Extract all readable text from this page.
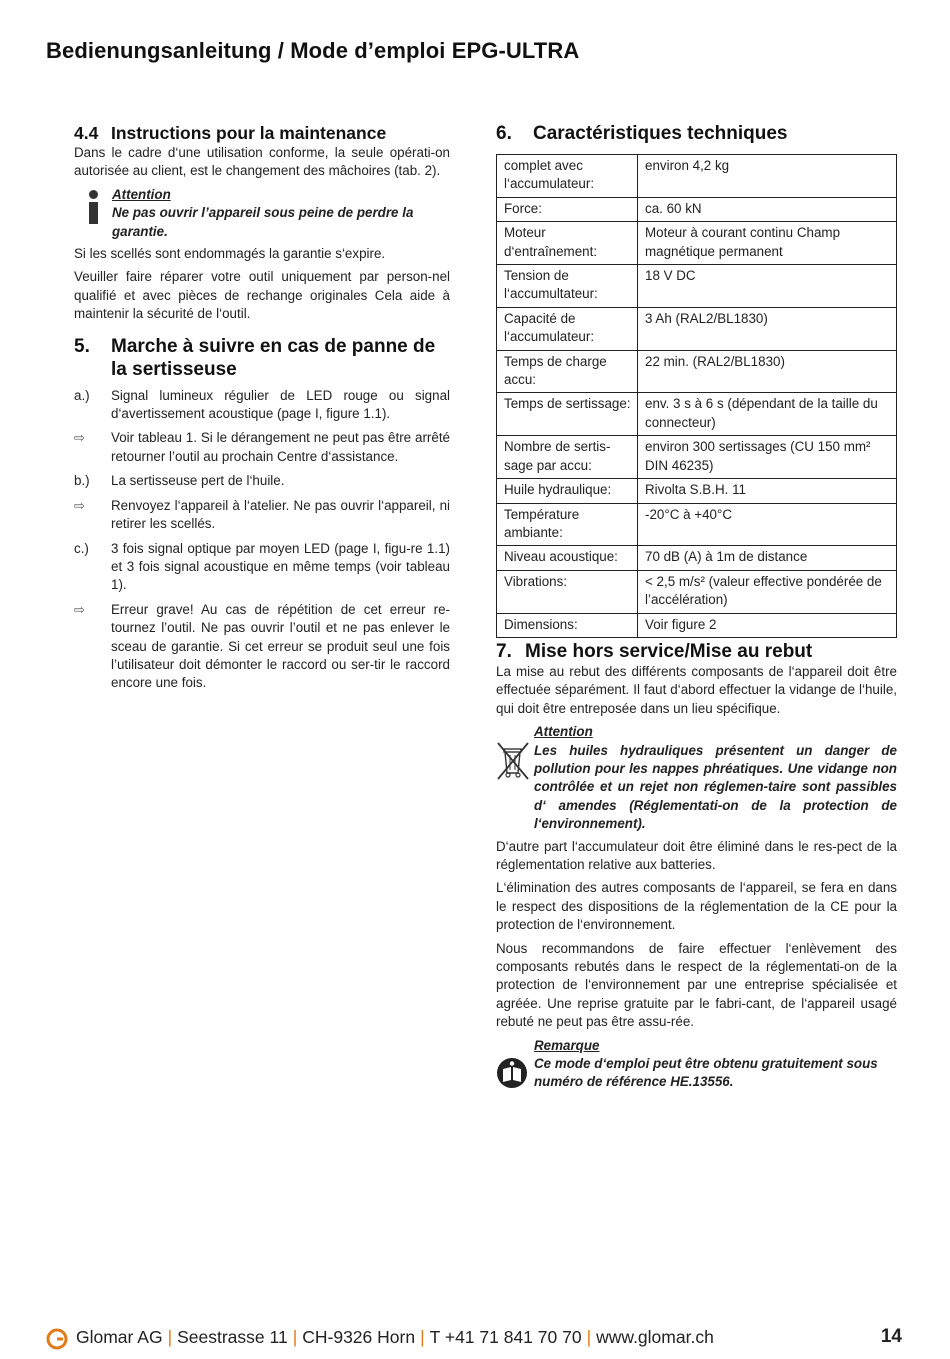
Bedienungsanleitung / Mode d’emploi EPG-ULTRA
4.4 Instructions pour la maintenance

Dans le cadre d‘une utilisation conforme, la seule opérati-on autorisée au client, est le changement des mâchoires (tab. 2).

Attention
Ne pas ouvrir l’appareil sous peine de perdre la garantie.

Si les scellés sont endommagés la garantie s‘expire.

Veuiller faire réparer votre outil uniquement par person-nel qualifié et avec pièces de rechange originales Cela aide à maintenir la sécurité de l‘outil.

5.	Marche à suivre en cas de panne de la sertisseuse
a.)	Signal lumineux régulier de LED rouge ou signal d‘avertissement acoustique (page I, figure 1.1).
⇨	Voir tableau 1. Si le dérangement ne peut pas être arrêté retourner l’outil au prochain Centre d‘assistance.
b.)	La sertisseuse pert de l‘huile.
⇨	Renvoyez l‘appareil à l‘atelier. Ne pas ouvrir l‘appareil, ni retirer les scellés.
c.)	3 fois signal optique par moyen LED (page I, figu-re 1.1) et 3 fois signal acoustique en même temps (voir tableau 1).
⇨	Erreur grave! Au cas de répétition de cet erreur re-tournez l’outil. Ne pas ouvrir l’outil et ne pas enlever le sceau de garantie. Si cet erreur se produit seul une fois l’utilisateur doit démonter le raccord ou ser-tir le raccord encore une fois.
6. Caractéristiques techniques
complet avec l‘accumulateur:	environ 4,2 kg
Force:	ca. 60 kN
Moteur d‘entraînement:	Moteur à courant continu Champ magnétique permanent
Tension de l‘accumultateur:	18 V DC
Capacité de l‘accumulateur:	3 Ah (RAL2/BL1830)
Temps de charge accu:	22 min. (RAL2/BL1830)
Temps de sertissage:	env. 3 s à 6 s (dépendant de la taille du connecteur)
Nombre de sertis-sage par accu:	environ 300 sertissages (CU 150 mm² DIN 46235)
Huile hydraulique:	Rivolta S.B.H. 11
Température ambiante:	-20°C à +40°C
Niveau acoustique:	70 dB (A) à 1m de distance
Vibrations:	< 2,5 m/s² (valeur effective pondérée de l’accélération)
Dimensions:	Voir figure 2
7. Mise hors service/Mise au rebut

La mise au rebut des différents composants de l‘appareil doit être effectuée séparément. Il faut d‘abord effectuer la vidange de l‘huile, qui doit être entreposée dans un lieu spécifique.

Attention
Les huiles hydrauliques présentent un danger de pollution pour les nappes phréatiques. Une vidange non contrôlée et un rejet non réglemen-taire sont passibles d‘ amendes (Réglementati-on de la protection de l‘environnement).

D‘autre part l‘accumulateur doit être éliminé dans le res-pect de la réglementation relative aux batteries.

L‘élimination des autres composants de l‘appareil, se fera en dans le respect des dispositions de la réglementation de la CE pour la protection de l‘environnement.

Nous recommandons de faire effectuer l‘enlèvement des composants rebutés dans le respect de la réglementati-on de la protection de l‘environnement par une entreprise spécialisée et agréée. Une reprise gratuite par le fabri-cant, de l‘appareil usagé rebuté ne peut pas être assu-rée.

Remarque
Ce mode d‘emploi peut être obtenu gratuitement sous numéro de référence HE.13556.
Glomar AG | Seestrasse 11 | CH-9326 Horn | T +41 71 841 70 70 | www.glomar.ch	14
